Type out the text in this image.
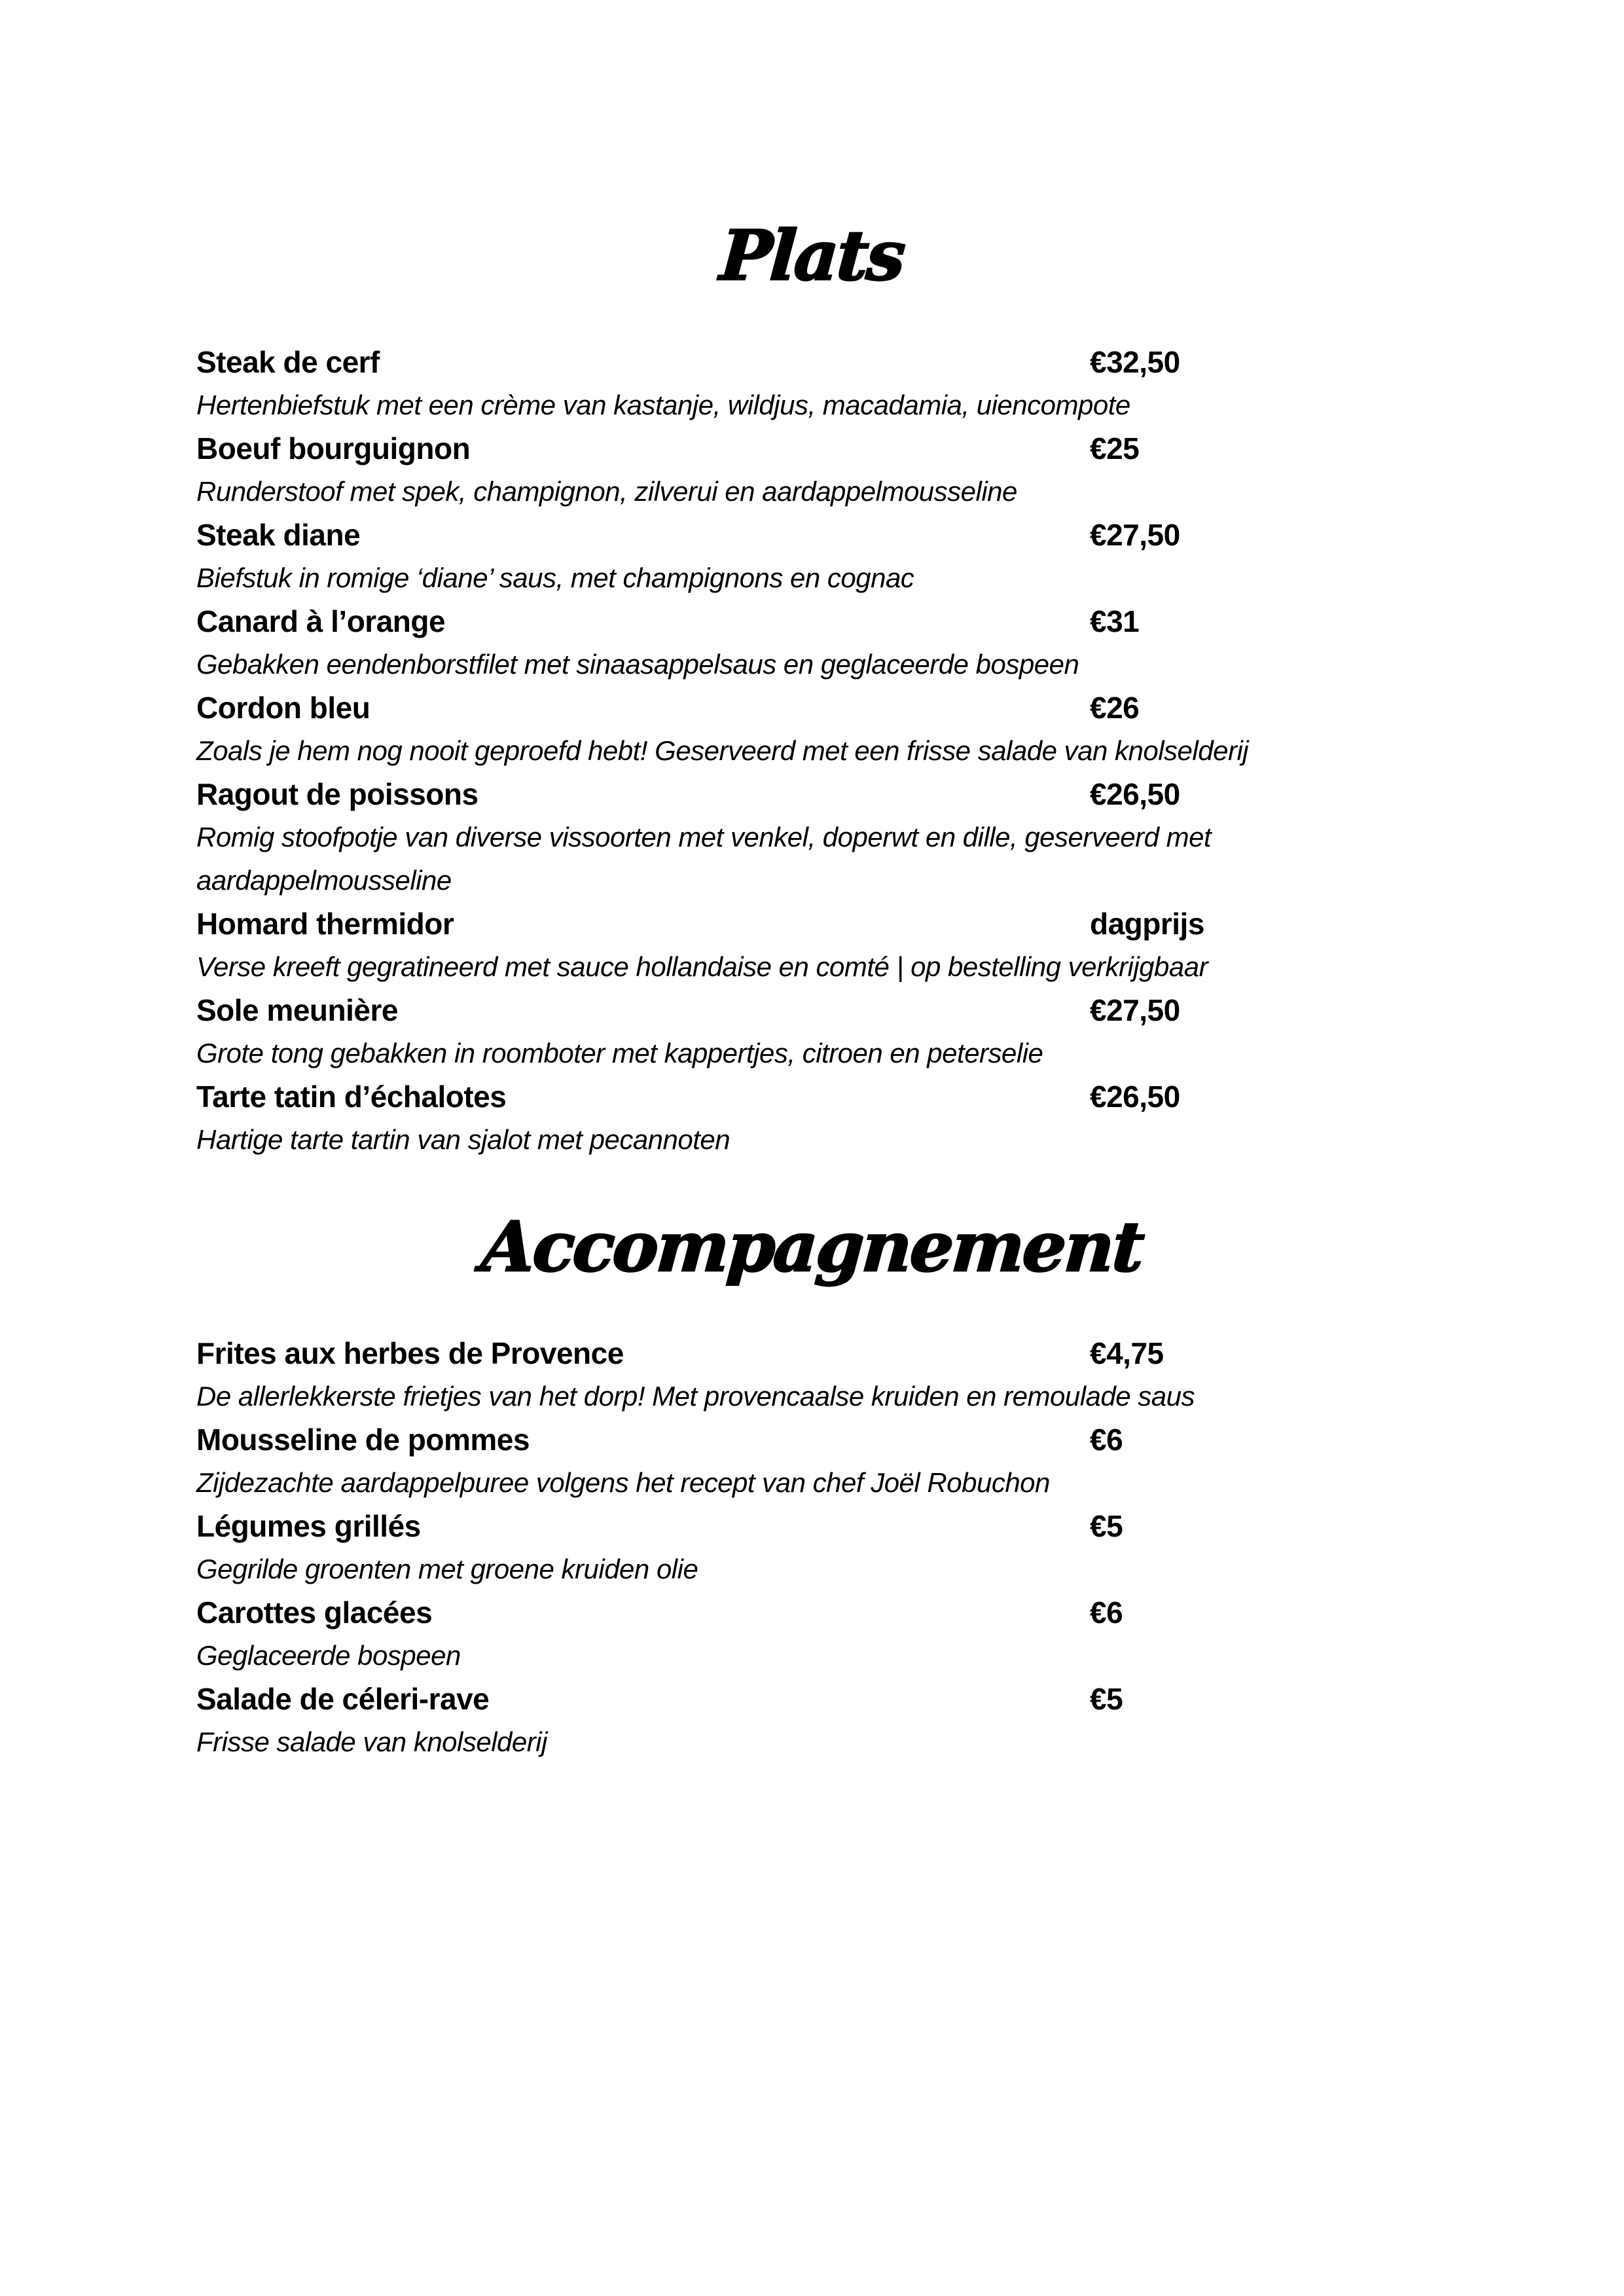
Plats
Steak de cerf	€32,50
Hertenbiefstuk met een crème van kastanje, wildjus, macadamia, uiencompote
Boeuf bourguignon	€25
Runderstoof met spek, champignon, zilverui en aardappelmousseline
Steak diane	€27,50
Biefstuk in romige ‘diane’ saus, met champignons en cognac
Canard à l’orange	€31
Gebakken eendenborstfilet met sinaasappelsaus en geglaceerde bospeen
Cordon bleu	€26
Zoals je hem nog nooit geproefd hebt! Geserveerd met een frisse salade van knolselderij
Ragout de poissons	€26,50
Romig stoofpotje van diverse vissoorten met venkel, doperwt en dille, geserveerd met aardappelmousseline
Homard thermidor	dagprijs
Verse kreeft gegratineerd met sauce hollandaise en comté | op bestelling verkrijgbaar
Sole meunière	€27,50
Grote tong gebakken in roomboter met kappertjes, citroen en peterselie
Tarte tatin d’échalotes	€26,50
Hartige tarte tartin van sjalot met pecannoten
Accompagnement
Frites aux herbes de Provence	€4,75
De allerlekkerste frietjes van het dorp! Met provencaalse kruiden en remoulade saus
Mousseline de pommes	€6
Zijdezachte aardappelpuree volgens het recept van chef Joël Robuchon
Légumes grillés	€5
Gegrilde groenten met groene kruiden olie
Carottes glacées	€6
Geglaceerde bospeen
Salade de céleri-rave	€5
Frisse salade van knolselderij
